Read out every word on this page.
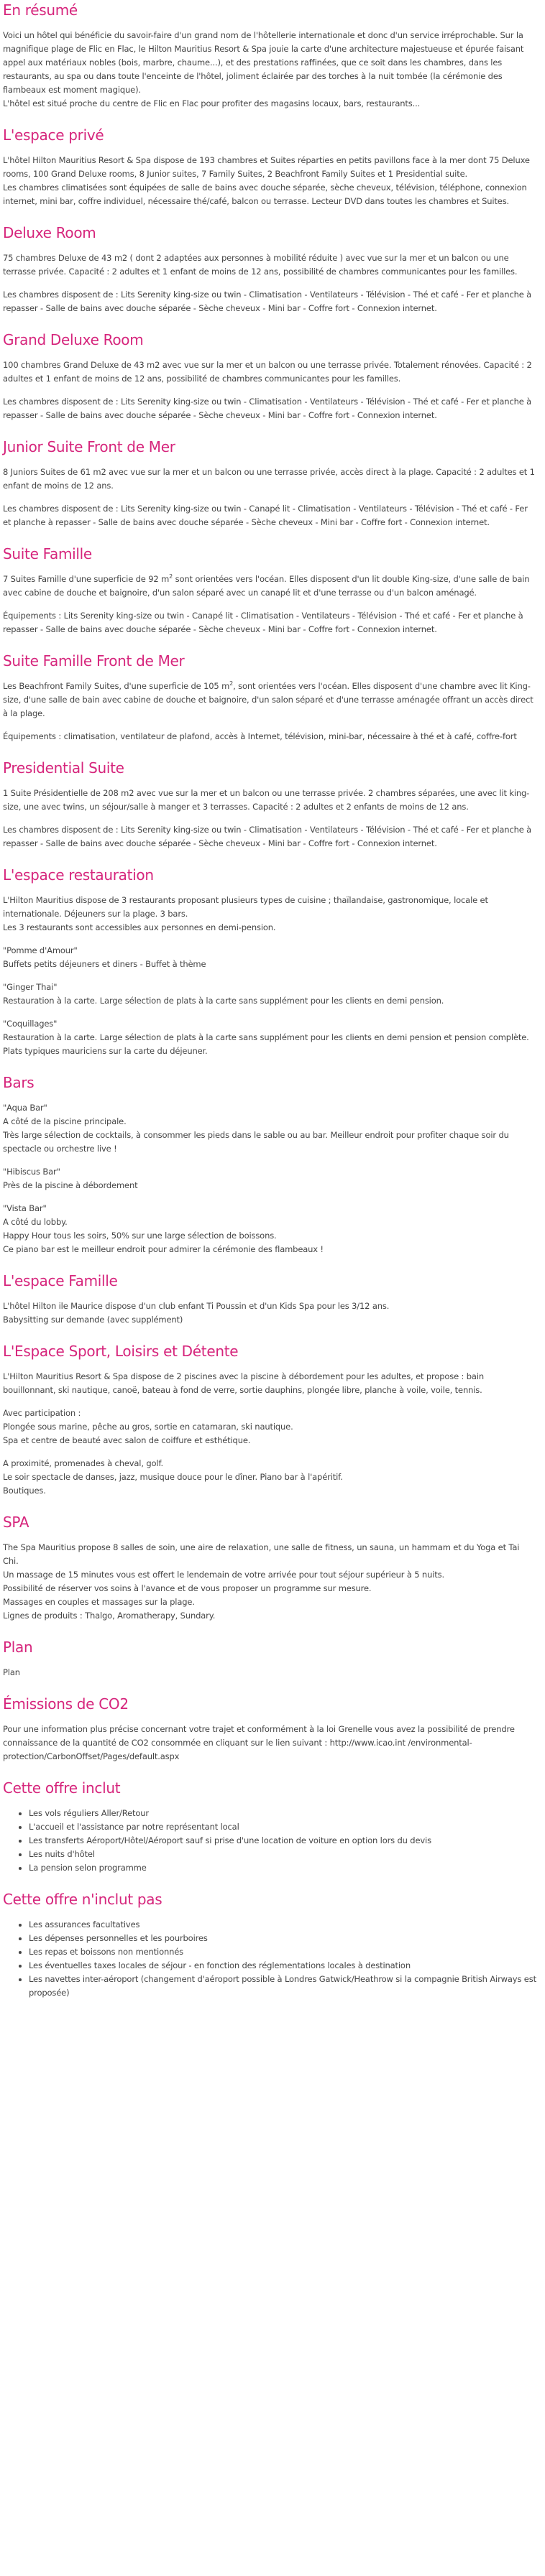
En résumé

Voici un hôtel qui bénéficie du savoir-faire d'un grand nom de l'hôtellerie internationale et donc d'un service irréprochable. Sur la magnifique plage de Flic en Flac, le Hilton Mauritius Resort & Spa jouie la carte d'une architecture majestueuse et épurée faisant appel aux matériaux nobles (bois, marbre, chaume...), et des prestations raffinées, que ce soit dans les chambres, dans les restaurants, au spa ou dans toute l'enceinte de l'hôtel, joliment éclairée par des torches à la nuit tombée (la cérémonie des flambeaux est moment magique).
L'hôtel est situé proche du centre de Flic en Flac pour profiter des magasins locaux, bars, restaurants...

L'espace privé

L'hôtel Hilton Mauritius Resort & Spa dispose de 193 chambres et Suites réparties en petits pavillons face à la mer dont 75 Deluxe rooms, 100 Grand Deluxe rooms, 8 Junior suites, 7 Family Suites, 2 Beachfront Family Suites et 1 Presidential suite.
Les chambres climatisées sont équipées de salle de bains avec douche séparée, sèche cheveux, télévision, téléphone, connexion internet, mini bar, coffre individuel, nécessaire thé/café, balcon ou terrasse. Lecteur DVD dans toutes les chambres et Suites.

Deluxe Room

75 chambres Deluxe de 43 m2 ( dont 2 adaptées aux personnes à mobilité réduite ) avec vue sur la mer et un balcon ou une terrasse privée. Capacité : 2 adultes et 1 enfant de moins de 12 ans, possibilité de chambres communicantes pour les familles.

Les chambres disposent de : Lits Serenity king-size ou twin - Climatisation - Ventilateurs - Télévision - Thé et café - Fer et planche à repasser - Salle de bains avec douche séparée - Sèche cheveux - Mini bar - Coffre fort - Connexion internet.

Grand Deluxe Room

100 chambres Grand Deluxe de 43 m2 avec vue sur la mer et un balcon ou une terrasse privée. Totalement rénovées. Capacité : 2 adultes et 1 enfant de moins de 12 ans, possibilité de chambres communicantes pour les familles.

Les chambres disposent de : Lits Serenity king-size ou twin - Climatisation - Ventilateurs - Télévision - Thé et café - Fer et planche à repasser - Salle de bains avec douche séparée - Sèche cheveux - Mini bar - Coffre fort - Connexion internet.

Junior Suite Front de Mer

8 Juniors Suites de 61 m2 avec vue sur la mer et un balcon ou une terrasse privée, accès direct à la plage. Capacité : 2 adultes et 1 enfant de moins de 12 ans.

Les chambres disposent de : Lits Serenity king-size ou twin - Canapé lit - Climatisation - Ventilateurs - Télévision - Thé et café - Fer et planche à repasser - Salle de bains avec douche séparée - Sèche cheveux - Mini bar - Coffre fort - Connexion internet.

Suite Famille

7 Suites Famille d'une superficie de 92 $m^2$ sont orientées vers l'océan. Elles disposent d'un lit double King-size, d'une salle de bain avec cabine de douche et baignoire, d'un salon séparé avec un canapé lit et d'une terrasse ou d'un balcon aménagé.

Équipements : Lits Serenity king-size ou twin - Canapé lit - Climatisation - Ventilateurs - Télévision - Thé et café - Fer et planche à repasser - Salle de bains avec douche séparée - Sèche cheveux - Mini bar - Coffre fort - Connexion internet.

Suite Famille Front de Mer

Les Beachfront Family Suites, d'une superficie de 105 $m^2$, sont orientées vers l'océan. Elles disposent d'une chambre avec lit King-size, d'une salle de bain avec cabine de douche et baignoire, d'un salon séparé et d'une terrasse aménagée offrant un accès direct à la plage.

Équipements : climatisation, ventilateur de plafond, accès à Internet, télévision, mini-bar, nécessaire à thé et à café, coffre-fort

Presidential Suite

1 Suite Présidentielle de 208 m2 avec vue sur la mer et un balcon ou une terrasse privée. 2 chambres séparées, une avec lit king-size, une avec twins, un séjour/salle à manger et 3 terrasses. Capacité : 2 adultes et 2 enfants de moins de 12 ans.

Les chambres disposent de : Lits Serenity king-size ou twin - Climatisation - Ventilateurs - Télévision - Thé et café - Fer et planche à repasser - Salle de bains avec douche séparée - Sèche cheveux - Mini bar - Coffre fort - Connexion internet.

L'espace restauration

L'Hilton Mauritius dispose de 3 restaurants proposant plusieurs types de cuisine ; thaïlandaise, gastronomique, locale et internationale. Déjeuners sur la plage. 3 bars.
Les 3 restaurants sont accessibles aux personnes en demi-pension.

"Pomme d'Amour"
Buffets petits déjeuners et diners - Buffet à thème

"Ginger Thai"
Restauration à la carte. Large sélection de plats à la carte sans supplément pour les clients en demi pension.

"Coquillages"
Restauration à la carte. Large sélection de plats à la carte sans supplément pour les clients en demi pension et pension complète.
Plats typiques mauriciens sur la carte du déjeuner.

Bars

"Aqua Bar"
A côté de la piscine principale.
Très large sélection de cocktails, à consommer les pieds dans le sable ou au bar. Meilleur endroit pour profiter chaque soir du spectacle ou orchestre live !

"Hibiscus Bar"
Près de la piscine à débordement

"Vista Bar"
A côté du lobby.
Happy Hour tous les soirs, 50% sur une large sélection de boissons.
Ce piano bar est le meilleur endroit pour admirer la cérémonie des flambeaux !

L'espace Famille

L'hôtel Hilton ile Maurice dispose d'un club enfant Ti Poussin et d'un Kids Spa pour les 3/12 ans.
Babysitting sur demande (avec supplément)

L'Espace Sport, Loisirs et Détente

L'Hilton Mauritius Resort & Spa dispose de 2 piscines avec la piscine à débordement pour les adultes, et propose : bain bouillonnant, ski nautique, canoë, bateau à fond de verre, sortie dauphins, plongée libre, planche à voile, voile, tennis.

Avec participation :
Plongée sous marine, pêche au gros, sortie en catamaran, ski nautique.
Spa et centre de beauté avec salon de coiffure et esthétique.

A proximité, promenades à cheval, golf.
Le soir spectacle de danses, jazz, musique douce pour le dîner. Piano bar à l'apéritif.
Boutiques.

SPA

The Spa Mauritius propose 8 salles de soin, une aire de relaxation, une salle de fitness, un sauna, un hammam et du Yoga et Tai Chi.
Un massage de 15 minutes vous est offert le lendemain de votre arrivée pour tout séjour supérieur à 5 nuits.
Possibilité de réserver vos soins à l'avance et de vous proposer un programme sur mesure.
Massages en couples et massages sur la plage.
Lignes de produits : Thalgo, Aromatherapy, Sundary.

Plan

Plan

Émissions de CO2

Pour une information plus précise concernant votre trajet et conformément à la loi Grenelle vous avez la possibilité de prendre connaissance de la quantité de CO2 consommée en cliquant sur le lien suivant : http://www.icao.int /environmental-protection/CarbonOffset/Pages/default.aspx

Cette offre inclut
• Les vols réguliers Aller/Retour
• L'accueil et l'assistance par notre représentant local
• Les transferts Aéroport/Hôtel/Aéroport sauf si prise d'une location de voiture en option lors du devis
• Les nuits d'hôtel
• La pension selon programme
Cette offre n'inclut pas
• Les assurances facultatives
• Les dépenses personnelles et les pourboires
• Les repas et boissons non mentionnés
• Les éventuelles taxes locales de séjour - en fonction des réglementations locales à destination
• Les navettes inter-aéroport (changement d'aéroport possible à Londres Gatwick/Heathrow si la compagnie British Airways est proposée)
